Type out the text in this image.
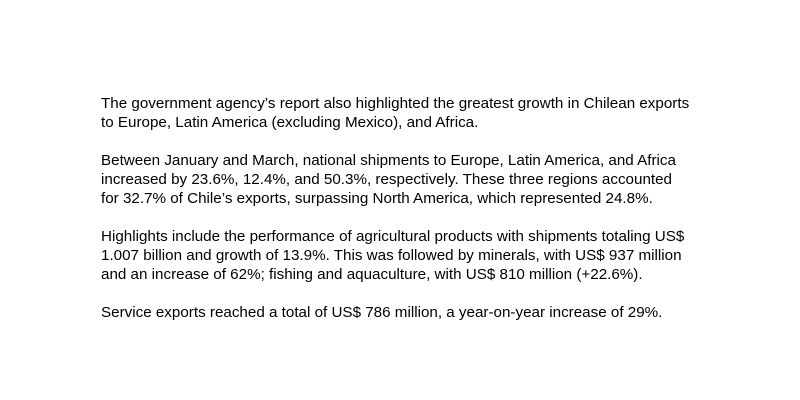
The government agency’s report also highlighted the greatest growth in Chilean exports
to Europe, Latin America (excluding Mexico), and Africa.

Between January and March, national shipments to Europe, Latin America, and Africa
increased by 23.6%, 12.4%, and 50.3%, respectively. These three regions accounted
for 32.7% of Chile’s exports, surpassing North America, which represented 24.8%.

Highlights include the performance of agricultural products with shipments totaling US$
1.007 billion and growth of 13.9%. This was followed by minerals, with US$ 937 million
and an increase of 62%; fishing and aquaculture, with US$ 810 million (+22.6%).

Service exports reached a total of US$ 786 million, a year-on-year increase of 29%.
